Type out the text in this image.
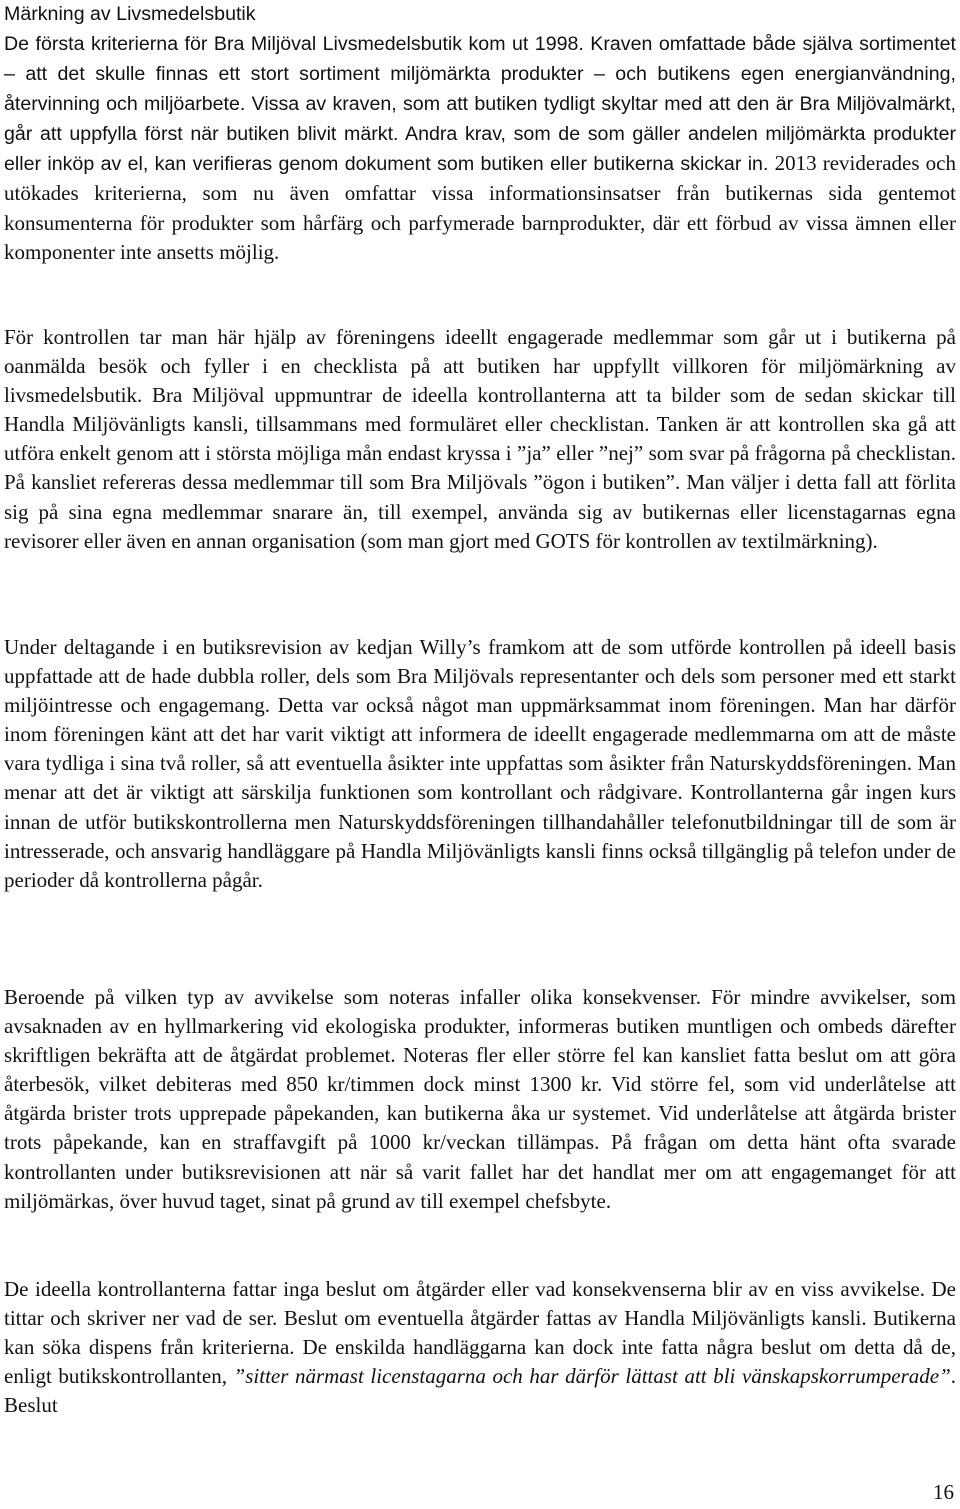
Märkning av Livsmedelsbutik

De första kriterierna för Bra Miljöval Livsmedelsbutik kom ut 1998. Kraven omfattade både själva sortimentet – att det skulle finnas ett stort sortiment miljömärkta produkter – och butikens egen energianvändning, återvinning och miljöarbete. Vissa av kraven, som att butiken tydligt skyltar med att den är Bra Miljövalmärkt, går att uppfylla först när butiken blivit märkt. Andra krav, som de som gäller andelen miljömärkta produkter eller inköp av el, kan verifieras genom dokument som butiken eller butikerna skickar in. 2013 reviderades och utökades kriterierna, som nu även omfattar vissa informationsinsatser från butikernas sida gentemot konsumenterna för produkter som hårfärg och parfymerade barnprodukter, där ett förbud av vissa ämnen eller komponenter inte ansetts möjlig.

För kontrollen tar man här hjälp av föreningens ideellt engagerade medlemmar som går ut i butikerna på oanmälda besök och fyller i en checklista på att butiken har uppfyllt villkoren för miljömärkning av livsmedelsbutik. Bra Miljöval uppmuntrar de ideella kontrollanterna att ta bilder som de sedan skickar till Handla Miljövänligts kansli, tillsammans med formuläret eller checklistan. Tanken är att kontrollen ska gå att utföra enkelt genom att i största möjliga mån endast kryssa i ”ja” eller ”nej” som svar på frågorna på checklistan. På kansliet refereras dessa medlemmar till som Bra Miljövals ”ögon i butiken”. Man väljer i detta fall att förlita sig på sina egna medlemmar snarare än, till exempel, använda sig av butikernas eller licenstagarnas egna revisorer eller även en annan organisation (som man gjort med GOTS för kontrollen av textilmärkning).

Under deltagande i en butiksrevision av kedjan Willy’s framkom att de som utförde kontrollen på ideell basis uppfattade att de hade dubbla roller, dels som Bra Miljövals representanter och dels som personer med ett starkt miljöintresse och engagemang. Detta var också något man uppmärksammat inom föreningen. Man har därför inom föreningen känt att det har varit viktigt att informera de ideellt engagerade medlemmarna om att de måste vara tydliga i sina två roller, så att eventuella åsikter inte uppfattas som åsikter från Naturskyddsföreningen. Man menar att det är viktigt att särskilja funktionen som kontrollant och rådgivare. Kontrollanterna går ingen kurs innan de utför butikskontrollerna men Naturskyddsföreningen tillhandahåller telefonutbildningar till de som är intresserade, och ansvarig handläggare på Handla Miljövänligts kansli finns också tillgänglig på telefon under de perioder då kontrollerna pågår.

Beroende på vilken typ av avvikelse som noteras infaller olika konsekvenser. För mindre avvikelser, som avsaknaden av en hyllmarkering vid ekologiska produkter, informeras butiken muntligen och ombeds därefter skriftligen bekräfta att de åtgärdat problemet. Noteras fler eller större fel kan kansliet fatta beslut om att göra återbesök, vilket debiteras med 850 kr/timmen dock minst 1300 kr. Vid större fel, som vid underlåtelse att åtgärda brister trots upprepade påpekanden, kan butikerna åka ur systemet. Vid underlåtelse att åtgärda brister trots påpekande, kan en straffavgift på 1000 kr/veckan tillämpas. På frågan om detta hänt ofta svarade kontrollanten under butiksrevisionen att när så varit fallet har det handlat mer om att engagemanget för att miljömärkas, över huvud taget, sinat på grund av till exempel chefsbyte.

De ideella kontrollanterna fattar inga beslut om åtgärder eller vad konsekvenserna blir av en viss avvikelse. De tittar och skriver ner vad de ser. Beslut om eventuella åtgärder fattas av Handla Miljövänligts kansli. Butikerna kan söka dispens från kriterierna. De enskilda handläggarna kan dock inte fatta några beslut om detta då de, enligt butikskontrollanten, ”sitter närmast licenstagarna och har därför lättast att bli vänskapskorrumperade”. Beslut

16
